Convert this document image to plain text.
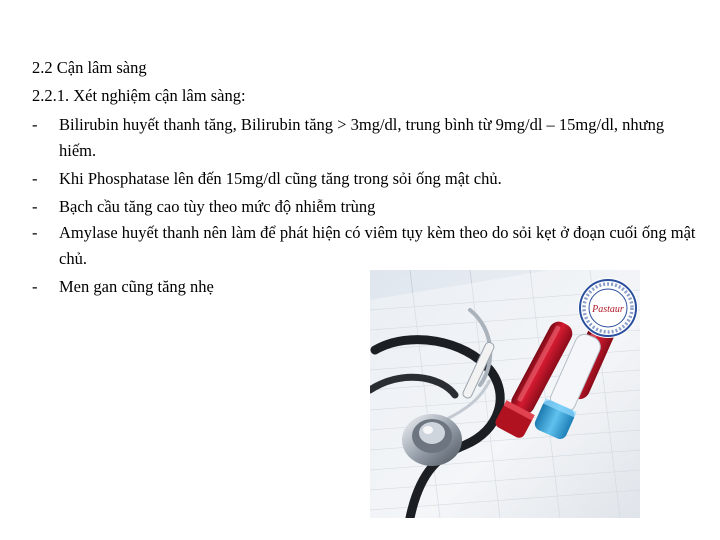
2.2 Cận lâm sàng
2.2.1. Xét nghiệm cận lâm sàng:
-	Bilirubin huyết thanh tăng, Bilirubin tăng > 3mg/dl, trung bình từ 9mg/dl – 15mg/dl, nhưng hiếm.
-	Khi Phosphatase lên đến 15mg/dl cũng tăng trong sỏi ống mật chủ.
-	Bạch cầu tăng cao tùy theo mức độ nhiễm trùng
-	Amylase huyết thanh nên làm để phát hiện có viêm tụy kèm theo do sỏi kẹt ở đoạn cuối ống mật chủ.
-	Men gan cũng tăng nhẹ
Pastaur
